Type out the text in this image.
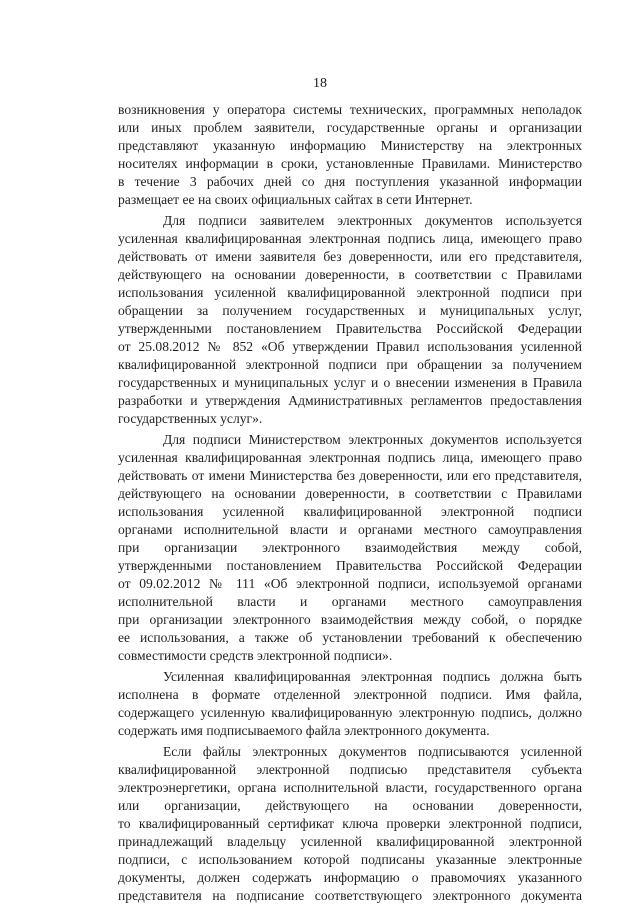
18
возникновения у оператора системы технических, программных неполадок
или иных проблем заявители, государственные органы и организации
представляют указанную информацию Министерству на электронных
носителях информации в сроки, установленные Правилами. Министерство
в течение 3 рабочих дней со дня поступления указанной информации
размещает ее на своих официальных сайтах в сети Интернет.
Для подписи заявителем электронных документов используется
усиленная квалифицированная электронная подпись лица, имеющего право
действовать от имени заявителя без доверенности, или его представителя,
действующего на основании доверенности, в соответствии с Правилами
использования усиленной квалифицированной электронной подписи при
обращении за получением государственных и муниципальных услуг,
утвержденными постановлением Правительства Российской Федерации
от 25.08.2012 № 852 «Об утверждении Правил использования усиленной
квалифицированной электронной подписи при обращении за получением
государственных и муниципальных услуг и о внесении изменения в Правила
разработки и утверждения Административных регламентов предоставления
государственных услуг».
Для подписи Министерством электронных документов используется
усиленная квалифицированная электронная подпись лица, имеющего право
действовать от имени Министерства без доверенности, или его представителя,
действующего на основании доверенности, в соответствии с Правилами
использования усиленной квалифицированной электронной подписи
органами исполнительной власти и органами местного самоуправления
при организации электронного взаимодействия между собой,
утвержденными постановлением Правительства Российской Федерации
от 09.02.2012 № 111 «Об электронной подписи, используемой органами
исполнительной власти и органами местного самоуправления
при организации электронного взаимодействия между собой, о порядке
ее использования, а также об установлении требований к обеспечению
совместимости средств электронной подписи».
Усиленная квалифицированная электронная подпись должна быть
исполнена в формате отделенной электронной подписи. Имя файла,
содержащего усиленную квалифицированную электронную подпись, должно
содержать имя подписываемого файла электронного документа.
Если файлы электронных документов подписываются усиленной
квалифицированной электронной подписью представителя субъекта
электроэнергетики, органа исполнительной власти, государственного органа
или организации, действующего на основании доверенности,
то квалифицированный сертификат ключа проверки электронной подписи,
принадлежащий владельцу усиленной квалифицированной электронной
подписи, с использованием которой подписаны указанные электронные
документы, должен содержать информацию о правомочиях указанного
представителя на подписание соответствующего электронного документа
